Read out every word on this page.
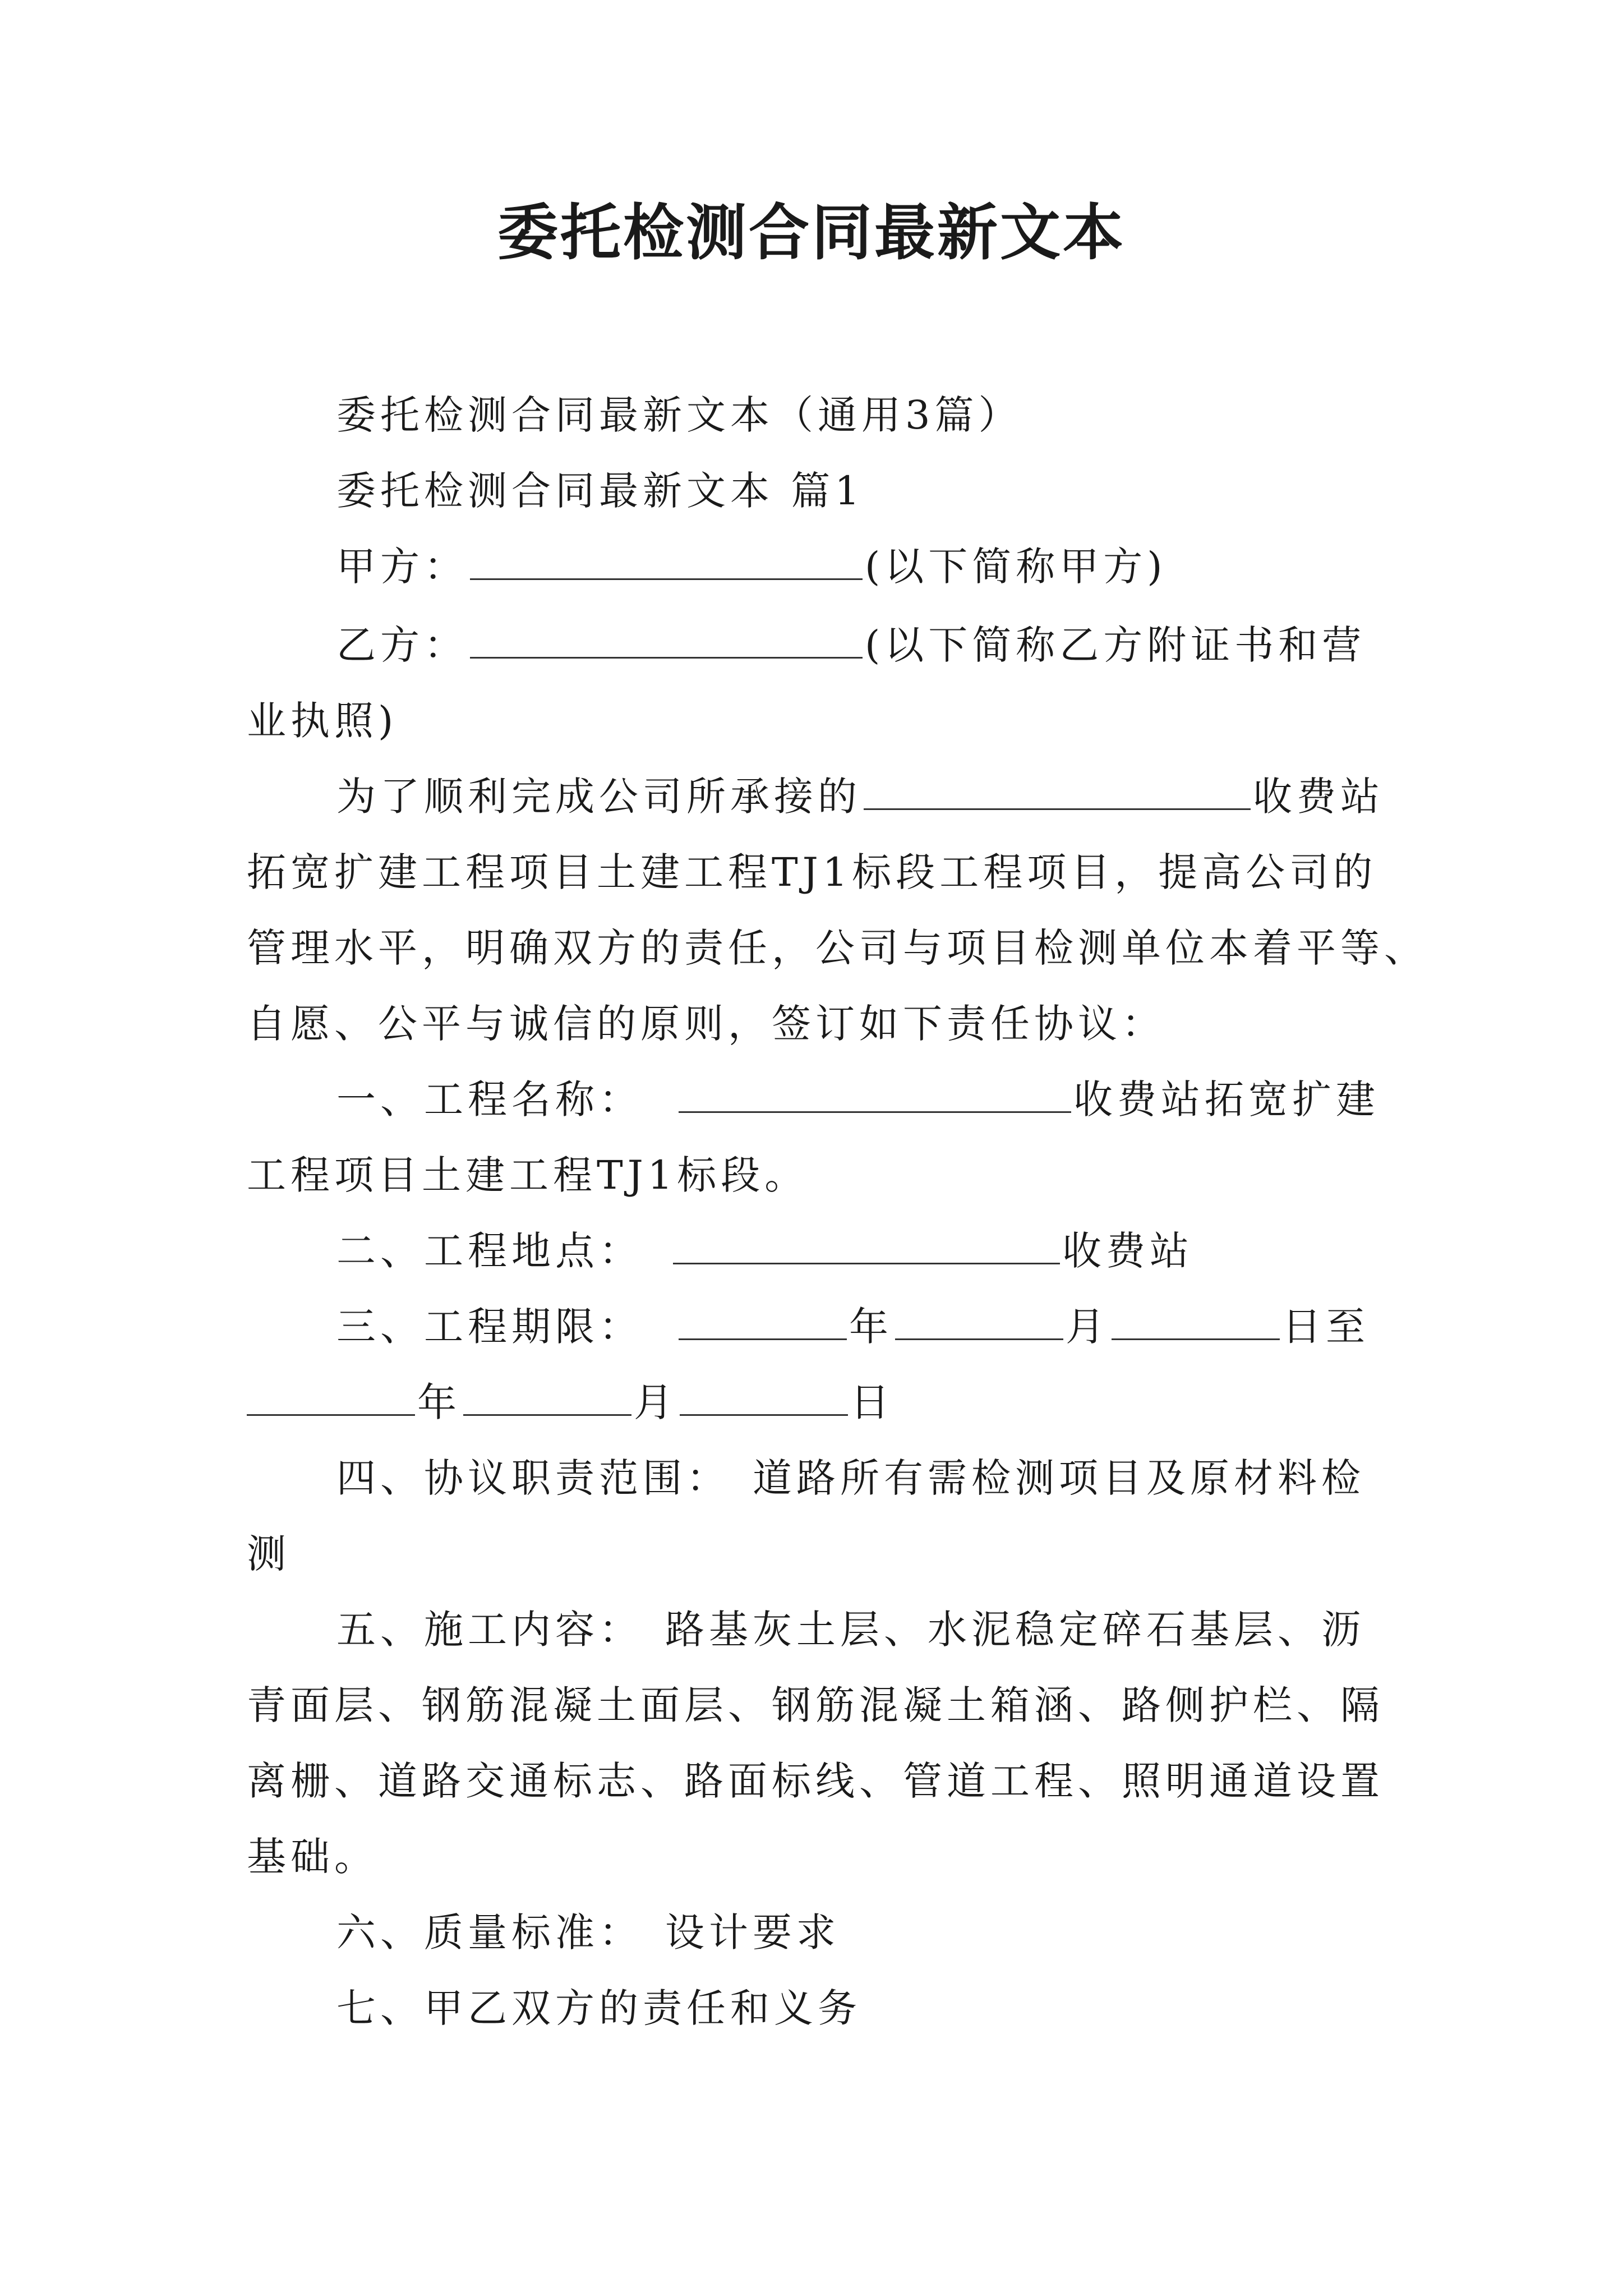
委托检测合同最新文本
委托检测合同最新文本（通用3篇）
委托检测合同最新文本 篇1
甲方：	(以下简称甲方)
乙方：	(以下简称乙方附证书和营
业执照)
为了顺利完成公司所承接的	收费站
拓宽扩建工程项目土建工程TJ1标段工程项目，提高公司的
管理水平，明确双方的责任，公司与项目检测单位本着平等、
自愿、公平与诚信的原则，签订如下责任协议：
一、工程名称：	收费站拓宽扩建
工程项目土建工程TJ1标段。
二、工程地点：	收费站
三、工程期限：	年	月	日至
年	月	日
四、协议职责范围： 道路所有需检测项目及原材料检
测
五、施工内容： 路基灰土层、水泥稳定碎石基层、沥
青面层、钢筋混凝土面层、钢筋混凝土箱涵、路侧护栏、隔
离栅、道路交通标志、路面标线、管道工程、照明通道设置
基础。
六、质量标准： 设计要求
七、甲乙双方的责任和义务
